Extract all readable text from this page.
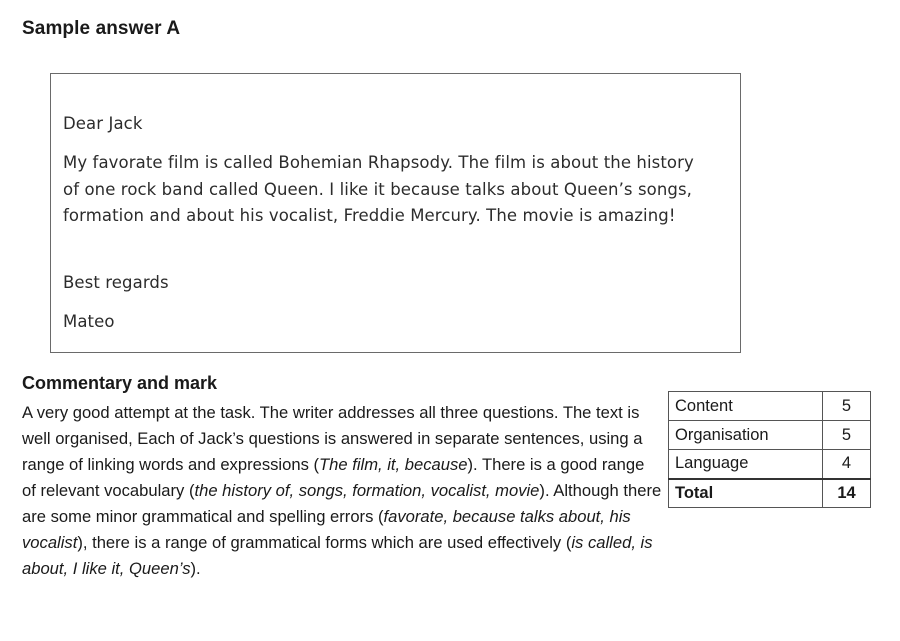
Sample answer A

Dear Jack

My favorate film is called Bohemian Rhapsody. The film is about the history of one rock band called Queen. I like it because talks about Queen’s songs, formation and about his vocalist, Freddie Mercury. The movie is amazing!

Best regards

Mateo

Commentary and mark

A very good attempt at the task. The writer addresses all three questions. The text is well organised, Each of Jack’s questions is answered in separate sentences, using a range of linking words and expressions (The film, it, because). There is a good range of relevant vocabulary (the history of, songs, formation, vocalist, movie). Although there are some minor grammatical and spelling errors (favorate, because talks about, his vocalist), there is a range of grammatical forms which are used effectively (is called, is about, I like it, Queen’s).

Content	5
Organisation	5
Language	4
Total	14
